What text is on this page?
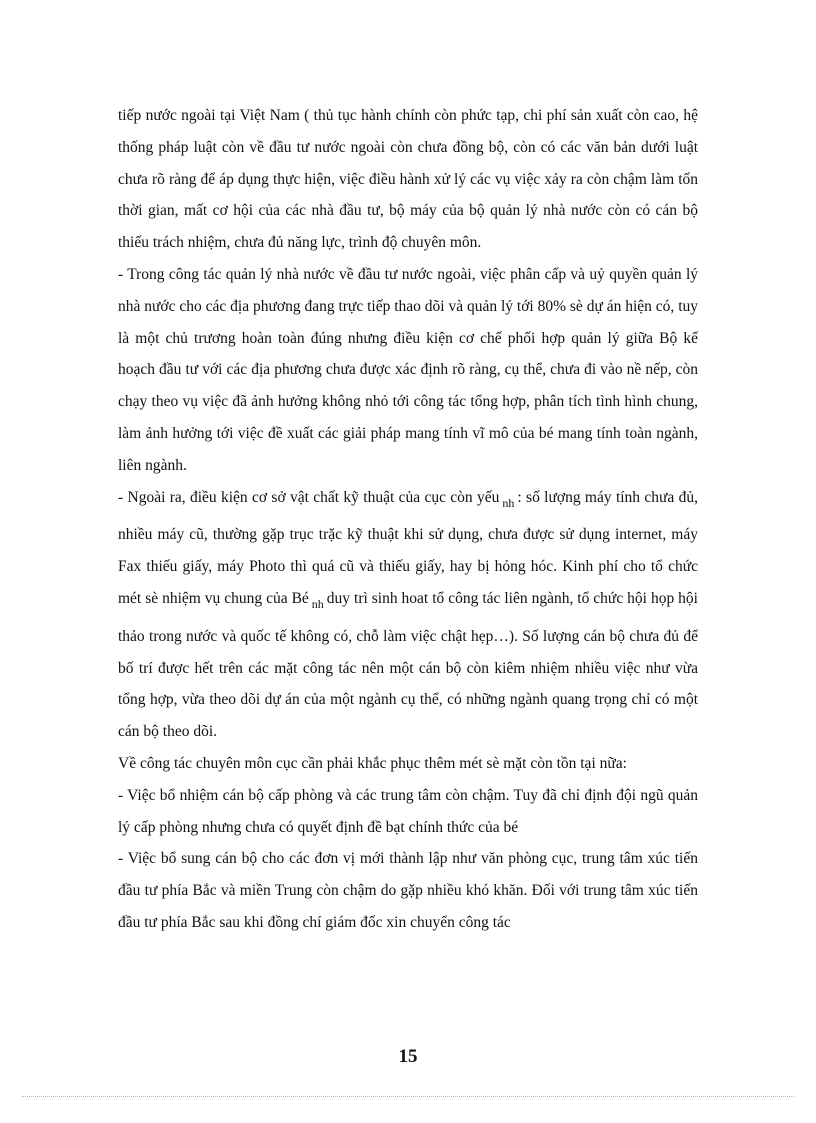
tiếp nước ngoài tại Việt Nam ( thủ tục hành chính còn phức tạp, chi phí sản xuất còn cao, hệ thống pháp luật còn về đầu tư nước ngoài còn chưa đồng bộ, còn có các văn bản dưới luật chưa rõ ràng để áp dụng thực hiện, việc điều hành xử lý các vụ việc xảy ra còn chậm làm tốn thời gian, mất cơ hội của các nhà đầu tư, bộ máy của bộ quản lý nhà nước còn có cán bộ thiếu trách nhiệm, chưa đủ năng lực, trình độ chuyên môn.

- Trong công tác quản lý nhà nước về đầu tư nước ngoài, việc phân cấp và uỷ quyền quản lý nhà nước cho các địa phương đang trực tiếp thao dõi và quản lý tới 80% sè dự án hiện có, tuy là một chủ trương hoàn toàn đúng nhưng điều kiện cơ chế phối hợp quản lý giữa Bộ kế hoạch đầu tư với các địa phương chưa được xác định rõ ràng, cụ thể, chưa đi vào nề nếp, còn chạy theo vụ việc đã ảnh hưởng không nhỏ tới công tác tổng hợp, phân tích tình hình chung, làm ảnh hưởng tới việc đề xuất các giải pháp mang tính vĩ mô của bé mang tính toàn ngành, liên ngành.

- Ngoài ra, điều kiện cơ sở vật chất kỹ thuật của cục còn yếu $_{nh}$ : số lượng máy tính chưa đủ, nhiều máy cũ, thường gặp trục trặc kỹ thuật khi sử dụng, chưa được sử dụng internet, máy Fax thiếu giấy, máy Photo thì quá cũ và thiếu giấy, hay bị hỏng hóc. Kinh phí cho tổ chức mét sè nhiệm vụ chung của Bé $_{nh}$ duy trì sinh hoat tổ công tác liên ngành, tổ chức hội họp hội thảo trong nước và quốc tế không có, chỗ làm việc chật hẹp…). Số lượng cán bộ chưa đủ để bố trí được hết trên các mặt công tác nên một cán bộ còn kiêm nhiệm nhiều việc như vừa tổng hợp, vừa theo dõi dự án của một ngành cụ thể, có những ngành quang trọng chỉ có một cán bộ theo dõi.

Về công tác chuyên môn cục cần phải khắc phục thêm mét sè mặt còn tồn tại nữa:

- Việc bổ nhiệm cán bộ cấp phòng và các trung tâm còn chậm. Tuy đã chỉ định đội ngũ quản lý cấp phòng nhưng chưa có quyết định đề bạt chính thức của bé

- Việc bổ sung cán bộ cho các đơn vị mới thành lập như văn phòng cục, trung tâm xúc tiến đầu tư phía Bắc và miền Trung còn chậm do gặp nhiều khó khăn. Đối với trung tâm xúc tiến đầu tư phía Bắc sau khi đồng chí giám đốc xin chuyển công tác

15
